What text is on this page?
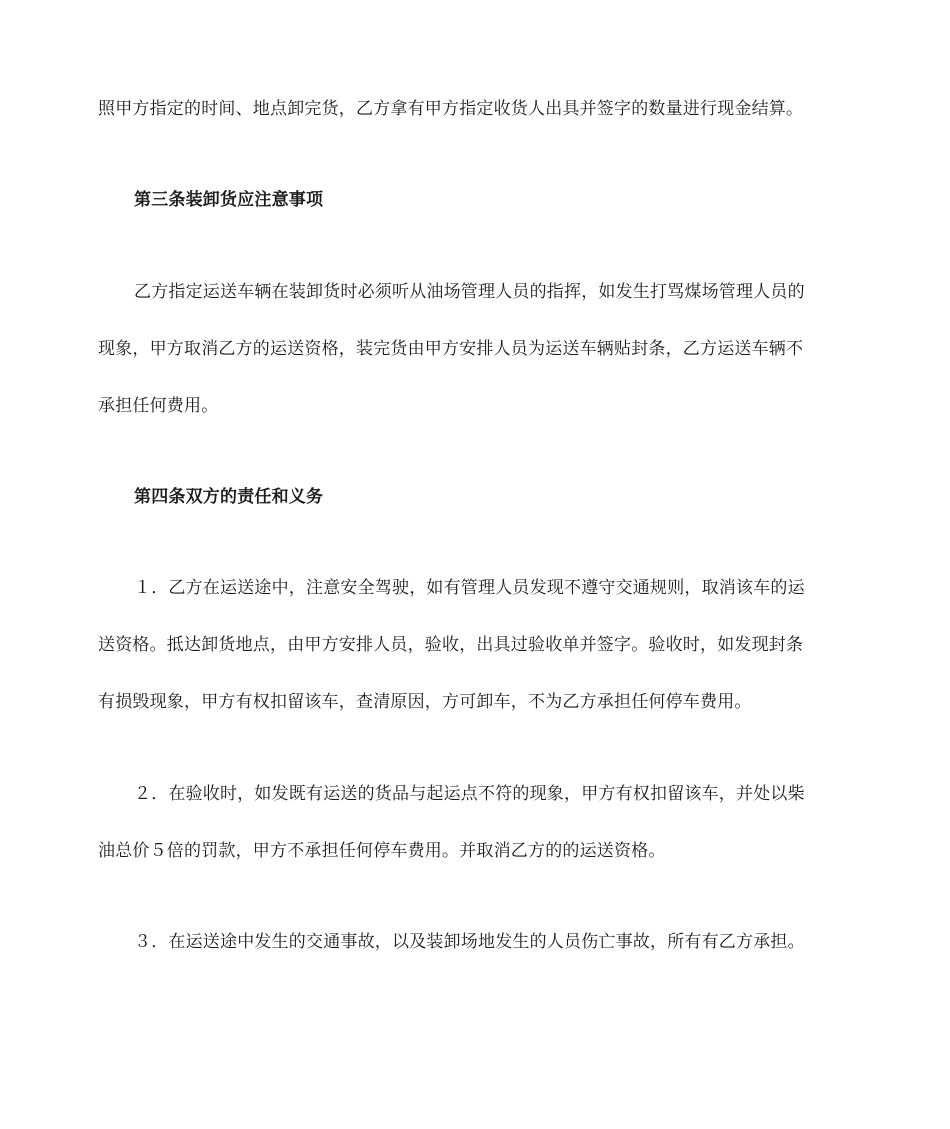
照甲方指定的时间、地点卸完货，乙方拿有甲方指定收货人出具并签字的数量进行现金结算。
第三条装卸货应注意事项
乙方指定运送车辆在装卸货时必须听从油场管理人员的指挥，如发生打骂煤场管理人员的
现象，甲方取消乙方的运送资格，装完货由甲方安排人员为运送车辆贴封条，乙方运送车辆不
承担任何费用。
第四条双方的责任和义务
１．乙方在运送途中，注意安全驾驶，如有管理人员发现不遵守交通规则，取消该车的运
送资格。抵达卸货地点，由甲方安排人员，验收，出具过验收单并签字。验收时，如发现封条
有损毁现象，甲方有权扣留该车，查清原因，方可卸车，不为乙方承担任何停车费用。
２．在验收时，如发既有运送的货品与起运点不符的现象，甲方有权扣留该车，并处以柴
油总价５倍的罚款，甲方不承担任何停车费用。并取消乙方的的运送资格。
３．在运送途中发生的交通事故，以及装卸场地发生的人员伤亡事故，所有有乙方承担。
